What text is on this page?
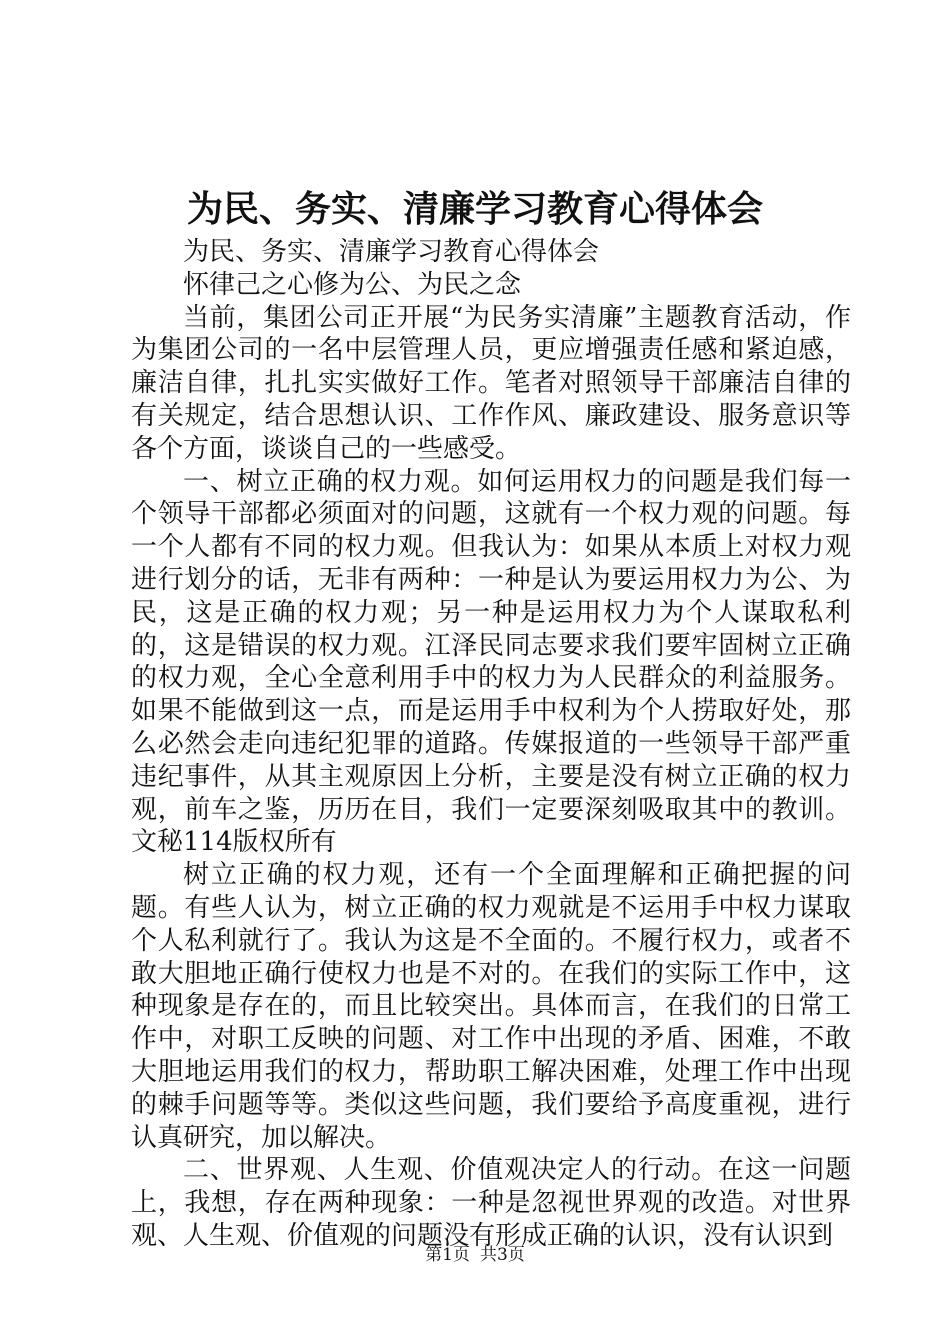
为民、务实、清廉学习教育心得体会

为民、务实、清廉学习教育心得体会

怀律己之心修为公、为民之念

当前，集团公司正开展“为民务实清廉”主题教育活动，作为集团公司的一名中层管理人员，更应增强责任感和紧迫感，廉洁自律，扎扎实实做好工作。笔者对照领导干部廉洁自律的有关规定，结合思想认识、工作作风、廉政建设、服务意识等各个方面，谈谈自己的一些感受。

一、树立正确的权力观。如何运用权力的问题是我们每一个领导干部都必须面对的问题，这就有一个权力观的问题。每一个人都有不同的权力观。但我认为：如果从本质上对权力观进行划分的话，无非有两种：一种是认为要运用权力为公、为民，这是正确的权力观；另一种是运用权力为个人谋取私利的，这是错误的权力观。江泽民同志要求我们要牢固树立正确的权力观，全心全意利用手中的权力为人民群众的利益服务。如果不能做到这一点，而是运用手中权利为个人捞取好处，那么必然会走向违纪犯罪的道路。传媒报道的一些领导干部严重违纪事件，从其主观原因上分析，主要是没有树立正确的权力观，前车之鉴，历历在目，我们一定要深刻吸取其中的教训。文秘114版权所有

树立正确的权力观，还有一个全面理解和正确把握的问题。有些人认为，树立正确的权力观就是不运用手中权力谋取个人私利就行了。我认为这是不全面的。不履行权力，或者不敢大胆地正确行使权力也是不对的。在我们的实际工作中，这种现象是存在的，而且比较突出。具体而言，在我们的日常工作中，对职工反映的问题、对工作中出现的矛盾、困难，不敢大胆地运用我们的权力，帮助职工解决困难，处理工作中出现的棘手问题等等。类似这些问题，我们要给予高度重视，进行认真研究，加以解决。

二、世界观、人生观、价值观决定人的行动。在这一问题上，我想，存在两种现象：一种是忽视世界观的改造。对世界观、人生观、价值观的问题没有形成正确的认识，没有认识到

第1页 共3页
